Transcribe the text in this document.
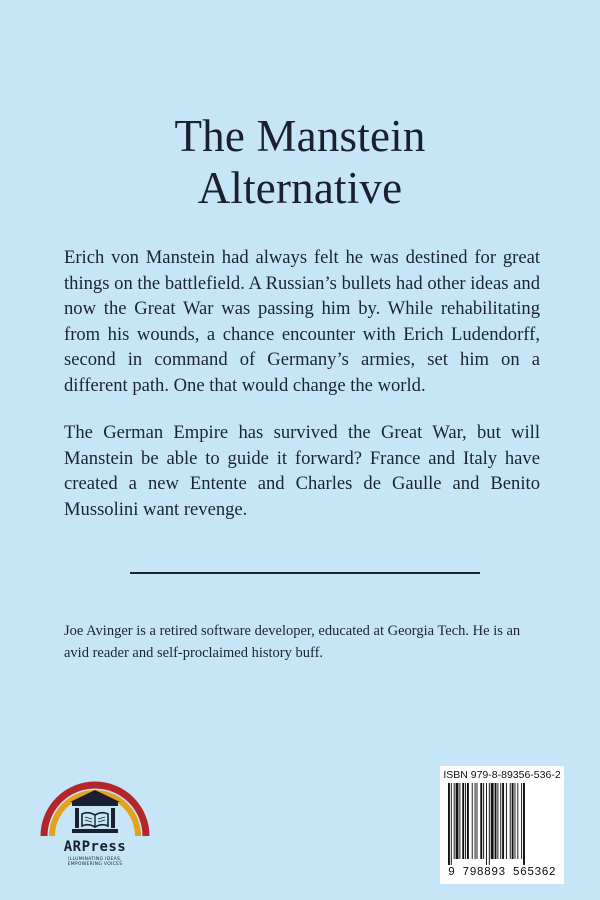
The Manstein
Alternative

Erich von Manstein had always felt he was destined for great things on the battlefield. A Russian’s bullets had other ideas and now the Great War was passing him by. While rehabilitating from his wounds, a chance encounter with Erich Ludendorff, second in command of Germany’s armies, set him on a different path. One that would change the world.

The German Empire has survived the Great War, but will Manstein be able to guide it forward? France and Italy have created a new Entente and Charles de Gaulle and Benito Mussolini want revenge.

Joe Avinger is a retired software developer, educated at Georgia Tech. He is an avid reader and self-proclaimed history buff.

ARPress
ILLUMINATING IDEAS, EMPOWERING VOICES
ISBN 979-8-89356-536-2
9 798893 565362
